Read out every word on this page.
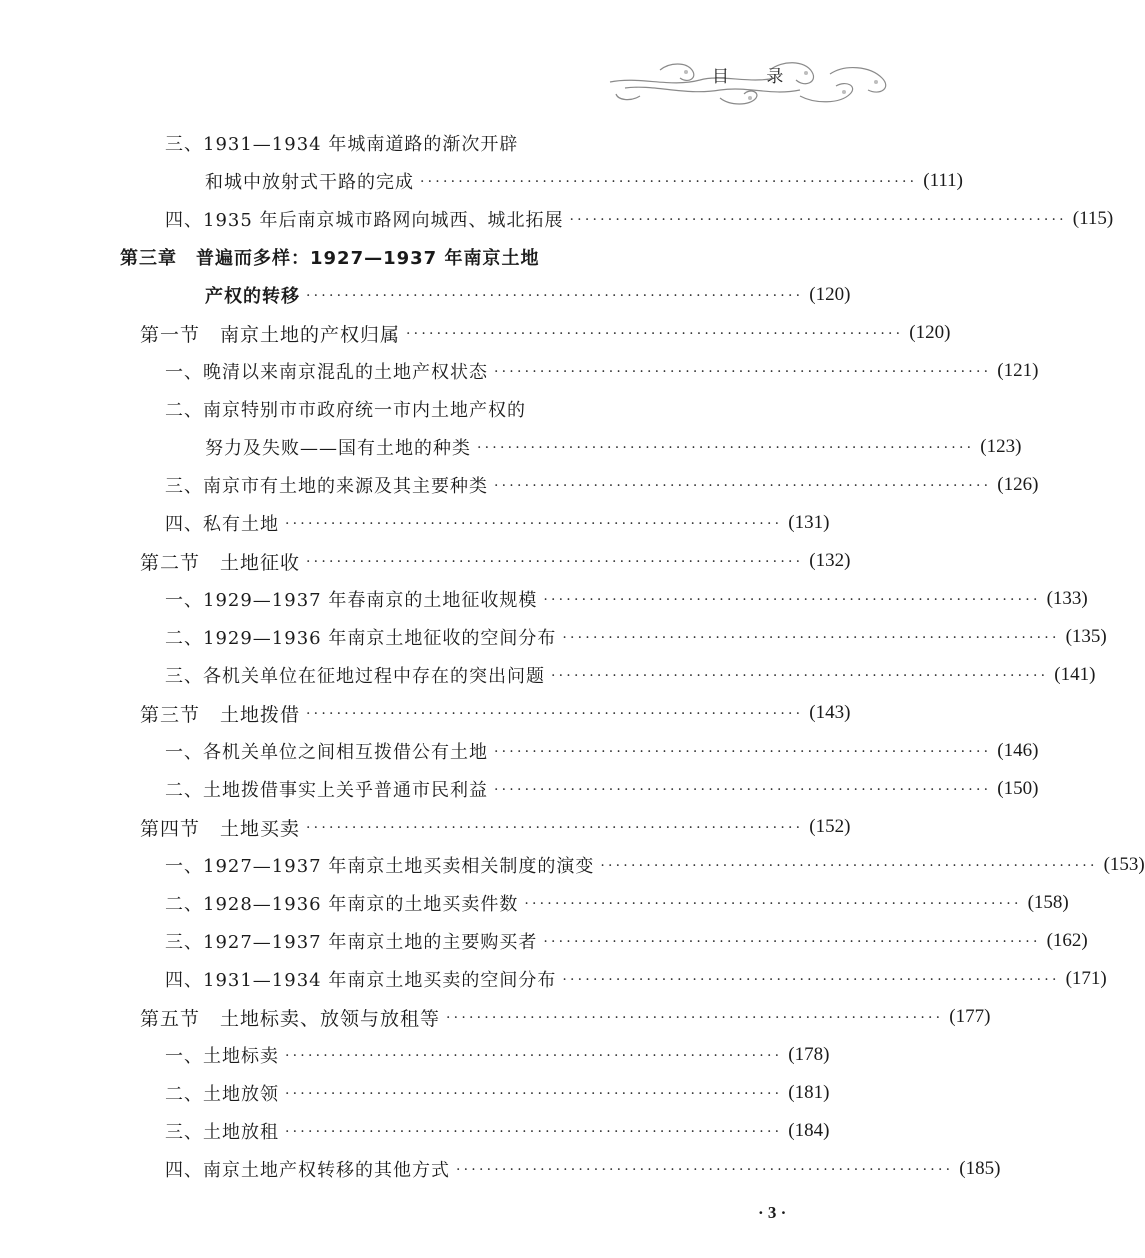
目 录
三、1931—1934 年城南道路的渐次开辟
和城中放射式干路的完成 ································································· (111)
四、1935 年后南京城市路网向城西、城北拓展 ································································· (115)
第三章　普遍而多样：1927—1937 年南京土地
产权的转移 ································································· (120)
第一节　南京土地的产权归属 ································································· (120)
一、晚清以来南京混乱的土地产权状态 ································································· (121)
二、南京特别市市政府统一市内土地产权的
努力及失败——国有土地的种类 ································································· (123)
三、南京市有土地的来源及其主要种类 ································································· (126)
四、私有土地 ································································· (131)
第二节　土地征收 ································································· (132)
一、1929—1937 年春南京的土地征收规模 ································································· (133)
二、1929—1936 年南京土地征收的空间分布 ································································· (135)
三、各机关单位在征地过程中存在的突出问题 ································································· (141)
第三节　土地拨借 ································································· (143)
一、各机关单位之间相互拨借公有土地 ································································· (146)
二、土地拨借事实上关乎普通市民利益 ································································· (150)
第四节　土地买卖 ································································· (152)
一、1927—1937 年南京土地买卖相关制度的演变 ································································· (153)
二、1928—1936 年南京的土地买卖件数 ································································· (158)
三、1927—1937 年南京土地的主要购买者 ································································· (162)
四、1931—1934 年南京土地买卖的空间分布 ································································· (171)
第五节　土地标卖、放领与放租等 ································································· (177)
一、土地标卖 ································································· (178)
二、土地放领 ································································· (181)
三、土地放租 ································································· (184)
四、南京土地产权转移的其他方式 ································································· (185)
· 3 ·
